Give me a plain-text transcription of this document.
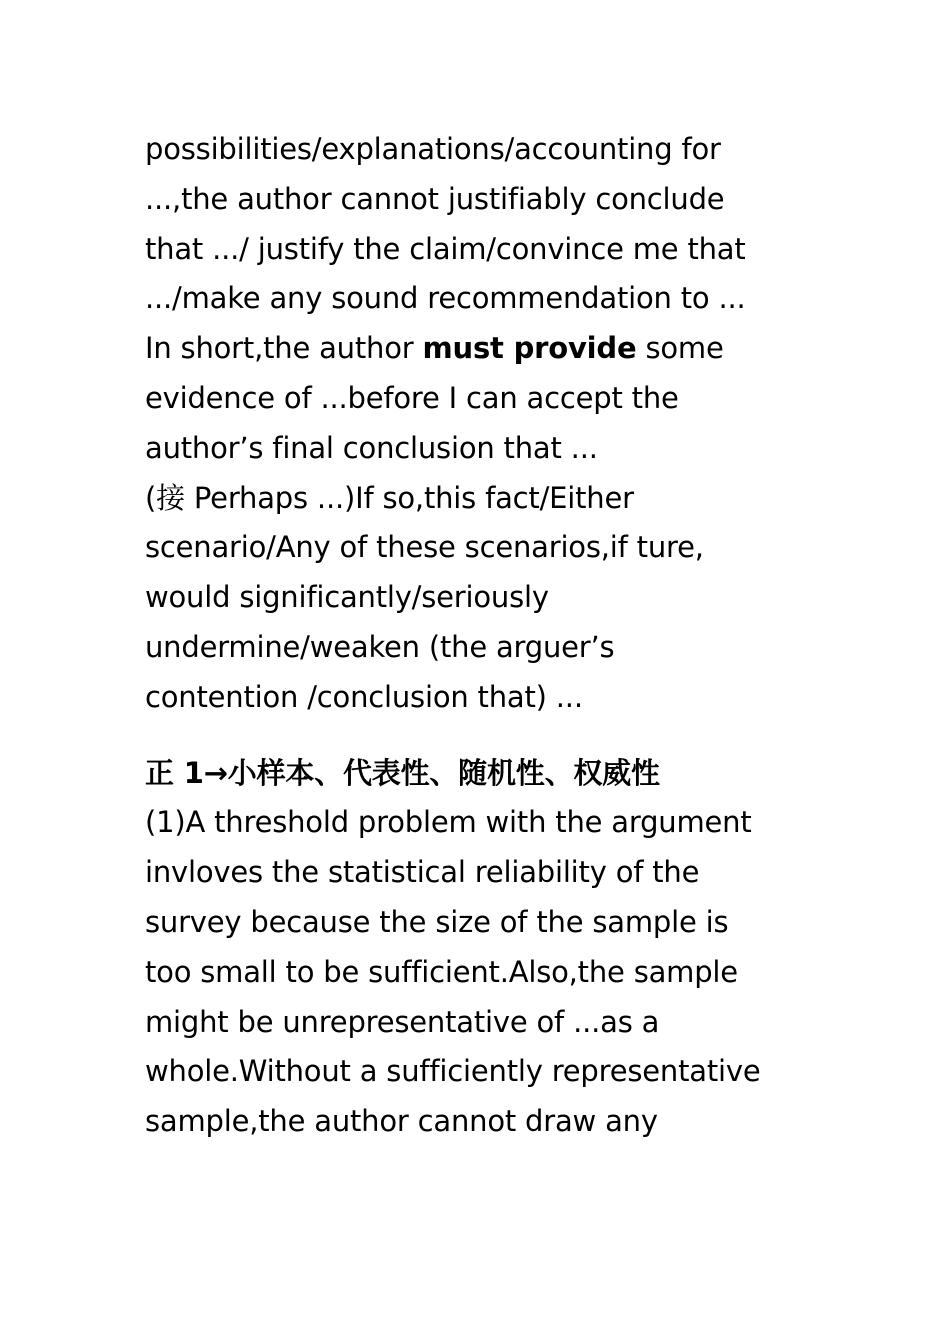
possibilities/explanations/accounting for
...,the author cannot justifiably conclude
that .../ justify the claim/convince me that
.../make any sound recommendation to ...
In short,the author must provide some
evidence of ...before I can accept the
author’s final conclusion that ...
(接 Perhaps ...)If so,this fact/Either
scenario/Any of these scenarios,if ture,
would significantly/seriously
undermine/weaken (the arguer’s
contention /conclusion that) ...
正 1→小样本、代表性、随机性、权威性
(1)A threshold problem with the argument
invloves the statistical reliability of the
survey because the size of the sample is
too small to be sufficient.Also,the sample
might be unrepresentative of ...as a
whole.Without a sufficiently representative
sample,the author cannot draw any
